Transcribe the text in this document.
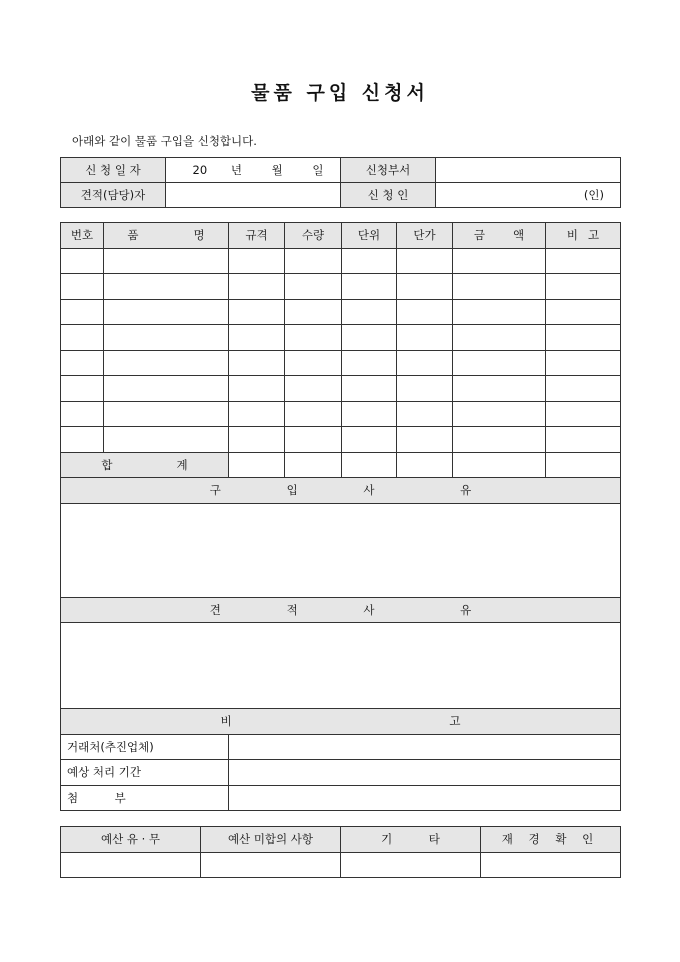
물품 구입 신청서
아래와 같이 물품 구입을 신청합니다.
신 청 일 자	20 년 월 일	신청부서	
견적(담당)자		신 청 인	(인)
번호	품 명	규격	수량	단위	단가	금 액	비 고

합 계							
구 입 사 유							

견 적 사 유							

비 고							
거래처(추진업체)							
예상 처리 기간							
첨          부							
예산 유 · 무	예산 미합의 사항	기          타	재 경 확 인
